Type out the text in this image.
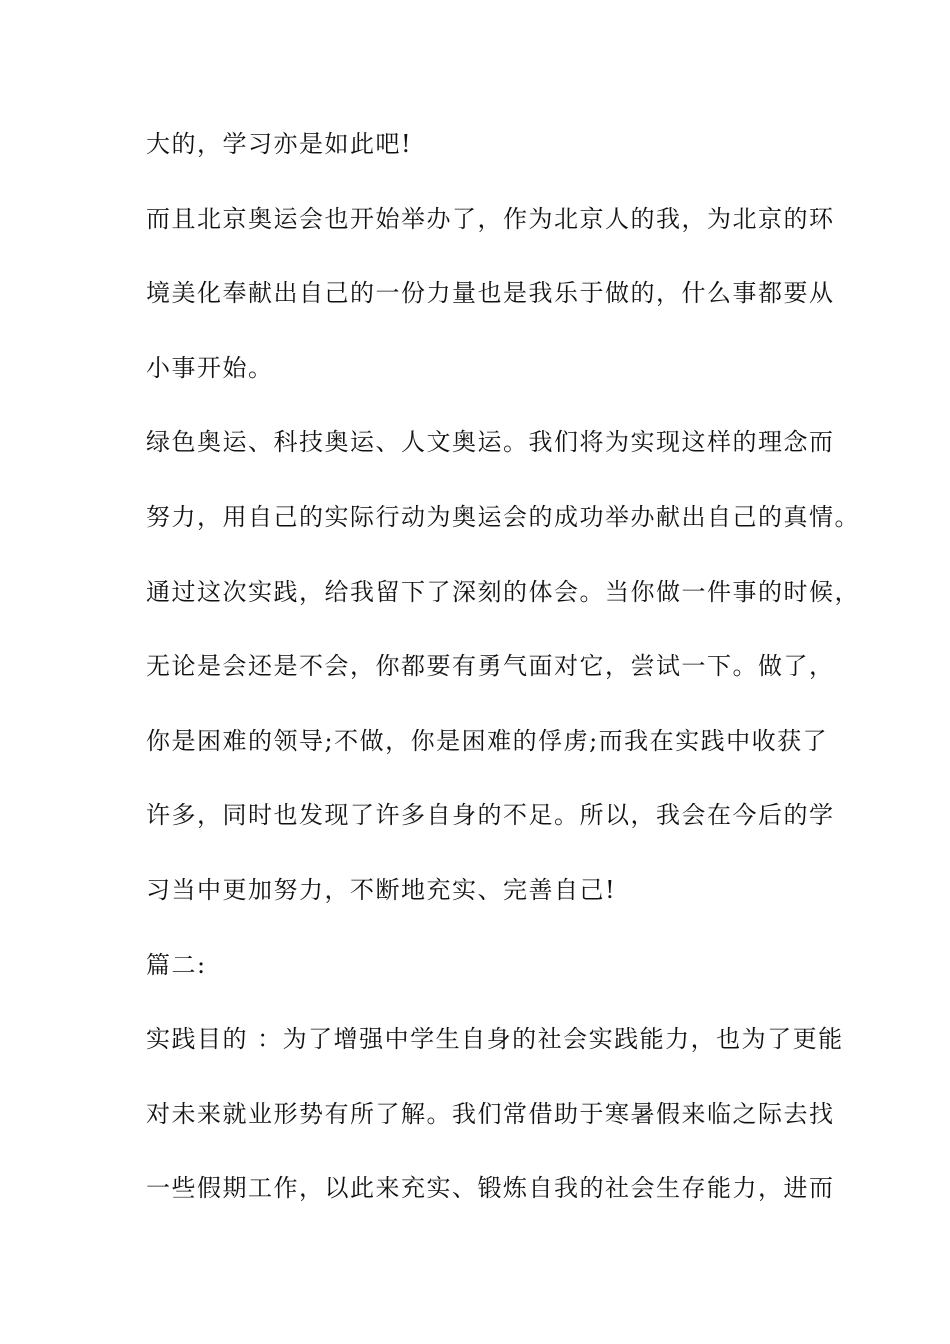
大的，学习亦是如此吧!

而且北京奥运会也开始举办了，作为北京人的我，为北京的环

境美化奉献出自己的一份力量也是我乐于做的，什么事都要从

小事开始。

绿色奥运、科技奥运、人文奥运。我们将为实现这样的理念而

努力，用自己的实际行动为奥运会的成功举办献出自己的真情。

通过这次实践，给我留下了深刻的体会。当你做一件事的时候，

无论是会还是不会，你都要有勇气面对它，尝试一下。做了，

你是困难的领导;不做，你是困难的俘虏;而我在实践中收获了

许多，同时也发现了许多自身的不足。所以，我会在今后的学

习当中更加努力，不断地充实、完善自己!

篇二:

实践目的 ：为了增强中学生自身的社会实践能力，也为了更能

对未来就业形势有所了解。我们常借助于寒暑假来临之际去找

一些假期工作，以此来充实、锻炼自我的社会生存能力，进而
